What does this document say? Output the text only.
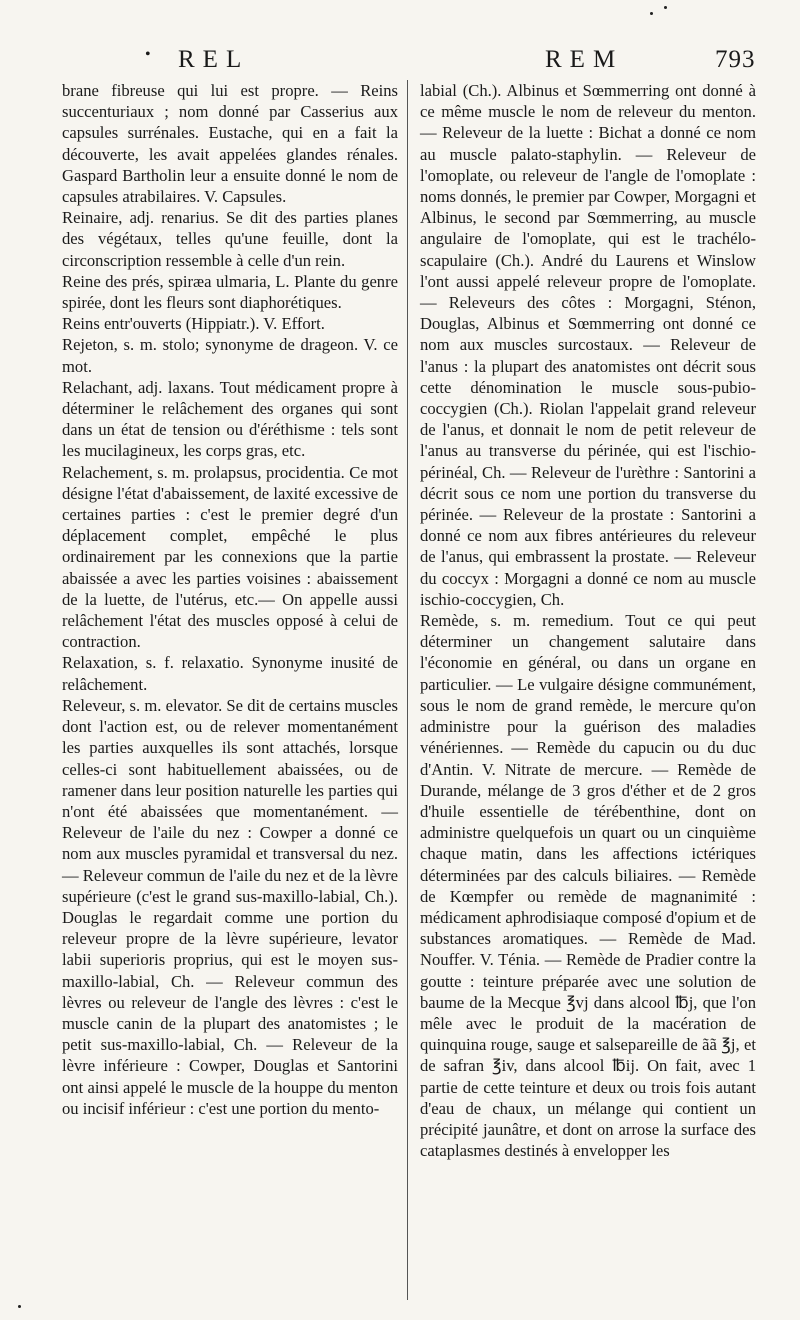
• REL	REM	793

brane fibreuse qui lui est propre. — Reins succenturiaux ; nom donné par Casserius aux capsules surrénales. Eustache, qui en a fait la découverte, les avait appelées glandes rénales. Gaspard Bartholin leur a ensuite donné le nom de capsules atrabilaires. V. Capsules.

Reinaire, adj. renarius. Se dit des parties planes des végétaux, telles qu'une feuille, dont la circonscription ressemble à celle d'un rein.

Reine des prés, spiræa ulmaria, L. Plante du genre spirée, dont les fleurs sont diaphorétiques.

Reins entr'ouverts (Hippiatr.). V. Effort.

Rejeton, s. m. stolo; synonyme de drageon. V. ce mot.

Relachant, adj. laxans. Tout médicament propre à déterminer le relâchement des organes qui sont dans un état de tension ou d'éréthisme : tels sont les mucilagineux, les corps gras, etc.

Relachement, s. m. prolapsus, procidentia. Ce mot désigne l'état d'abaissement, de laxité excessive de certaines parties : c'est le premier degré d'un déplacement complet, empêché le plus ordinairement par les connexions que la partie abaissée a avec les parties voisines : abaissement de la luette, de l'utérus, etc.— On appelle aussi relâchement l'état des muscles opposé à celui de contraction.

Relaxation, s. f. relaxatio. Synonyme inusité de relâchement.

Releveur, s. m. elevator. Se dit de certains muscles dont l'action est, ou de relever momentanément les parties auxquelles ils sont attachés, lorsque celles-ci sont habituellement abaissées, ou de ramener dans leur position naturelle les parties qui n'ont été abaissées que momentanément. — Releveur de l'aile du nez : Cowper a donné ce nom aux muscles pyramidal et transversal du nez. — Releveur commun de l'aile du nez et de la lèvre supérieure (c'est le grand sus-maxillo-labial, Ch.). Douglas le regardait comme une portion du releveur propre de la lèvre supérieure, levator labii superioris proprius, qui est le moyen sus-maxillo-labial, Ch. — Releveur commun des lèvres ou releveur de l'angle des lèvres : c'est le muscle canin de la plupart des anatomistes ; le petit sus-maxillo-labial, Ch. — Releveur de la lèvre inférieure : Cowper, Douglas et Santorini ont ainsi appelé le muscle de la houppe du menton ou incisif inférieur : c'est une portion du mento-

labial (Ch.). Albinus et Sœmmerring ont donné à ce même muscle le nom de releveur du menton. — Releveur de la luette : Bichat a donné ce nom au muscle palato-staphylin. — Releveur de l'omoplate, ou releveur de l'angle de l'omoplate : noms donnés, le premier par Cowper, Morgagni et Albinus, le second par Sœmmerring, au muscle angulaire de l'omoplate, qui est le trachélo-scapulaire (Ch.). André du Laurens et Winslow l'ont aussi appelé releveur propre de l'omoplate. — Releveurs des côtes : Morgagni, Sténon, Douglas, Albinus et Sœmmerring ont donné ce nom aux muscles surcostaux. — Releveur de l'anus : la plupart des anatomistes ont décrit sous cette dénomination le muscle sous-pubio-coccygien (Ch.). Riolan l'appelait grand releveur de l'anus, et donnait le nom de petit releveur de l'anus au transverse du périnée, qui est l'ischio-périnéal, Ch. — Releveur de l'urèthre : Santorini a décrit sous ce nom une portion du transverse du périnée. — Releveur de la prostate : Santorini a donné ce nom aux fibres antérieures du releveur de l'anus, qui embrassent la prostate. — Releveur du coccyx : Morgagni a donné ce nom au muscle ischio-coccygien, Ch.

Remède, s. m. remedium. Tout ce qui peut déterminer un changement salutaire dans l'économie en général, ou dans un organe en particulier. — Le vulgaire désigne communément, sous le nom de grand remède, le mercure qu'on administre pour la guérison des maladies vénériennes. — Remède du capucin ou du duc d'Antin. V. Nitrate de mercure. — Remède de Durande, mélange de 3 gros d'éther et de 2 gros d'huile essentielle de térébenthine, dont on administre quelquefois un quart ou un cinquième chaque matin, dans les affections ictériques déterminées par des calculs biliaires. — Remède de Kœmpfer ou remède de magnanimité : médicament aphrodisiaque composé d'opium et de substances aromatiques. — Remède de Mad. Nouffer. V. Ténia. — Remède de Pradier contre la goutte : teinture préparée avec une solution de baume de la Mecque ℥vj dans alcool ℔j, que l'on mêle avec le produit de la macération de quinquina rouge, sauge et salsepareille de ãã ℥j, et de safran ℥iv, dans alcool ℔ij. On fait, avec 1 partie de cette teinture et deux ou trois fois autant d'eau de chaux, un mélange qui contient un précipité jaunâtre, et dont on arrose la surface des cataplasmes destinés à envelopper les
